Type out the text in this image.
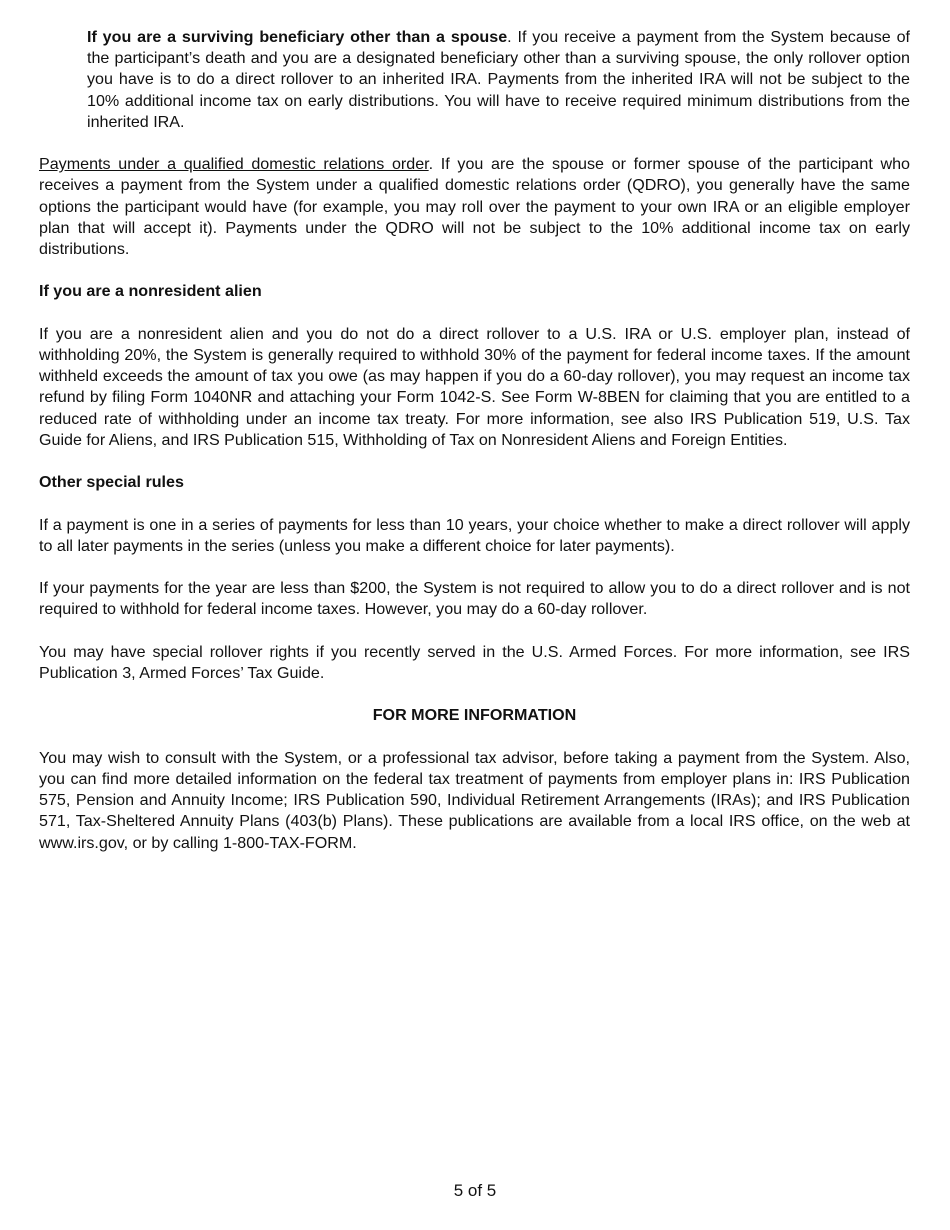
If you are a surviving beneficiary other than a spouse. If you receive a payment from the System because of the participant’s death and you are a designated beneficiary other than a surviving spouse, the only rollover option you have is to do a direct rollover to an inherited IRA. Payments from the inherited IRA will not be subject to the 10% additional income tax on early distributions. You will have to receive required minimum distributions from the inherited IRA.

Payments under a qualified domestic relations order. If you are the spouse or former spouse of the participant who receives a payment from the System under a qualified domestic relations order (QDRO), you generally have the same options the participant would have (for example, you may roll over the payment to your own IRA or an eligible employer plan that will accept it). Payments under the QDRO will not be subject to the 10% additional income tax on early distributions.

If you are a nonresident alien

If you are a nonresident alien and you do not do a direct rollover to a U.S. IRA or U.S. employer plan, instead of withholding 20%, the System is generally required to withhold 30% of the payment for federal income taxes. If the amount withheld exceeds the amount of tax you owe (as may happen if you do a 60-day rollover), you may request an income tax refund by filing Form 1040NR and attaching your Form 1042-S. See Form W-8BEN for claiming that you are entitled to a reduced rate of withholding under an income tax treaty. For more information, see also IRS Publication 519, U.S. Tax Guide for Aliens, and IRS Publication 515, Withholding of Tax on Nonresident Aliens and Foreign Entities.

Other special rules

If a payment is one in a series of payments for less than 10 years, your choice whether to make a direct rollover will apply to all later payments in the series (unless you make a different choice for later payments).

If your payments for the year are less than $200, the System is not required to allow you to do a direct rollover and is not required to withhold for federal income taxes. However, you may do a 60-day rollover.

You may have special rollover rights if you recently served in the U.S. Armed Forces. For more information, see IRS Publication 3, Armed Forces’ Tax Guide.

FOR MORE INFORMATION

You may wish to consult with the System, or a professional tax advisor, before taking a payment from the System. Also, you can find more detailed information on the federal tax treatment of payments from employer plans in: IRS Publication 575, Pension and Annuity Income; IRS Publication 590, Individual Retirement Arrangements (IRAs); and IRS Publication 571, Tax-Sheltered Annuity Plans (403(b) Plans). These publications are available from a local IRS office, on the web at www.irs.gov, or by calling 1-800-TAX-FORM.

5 of 5
